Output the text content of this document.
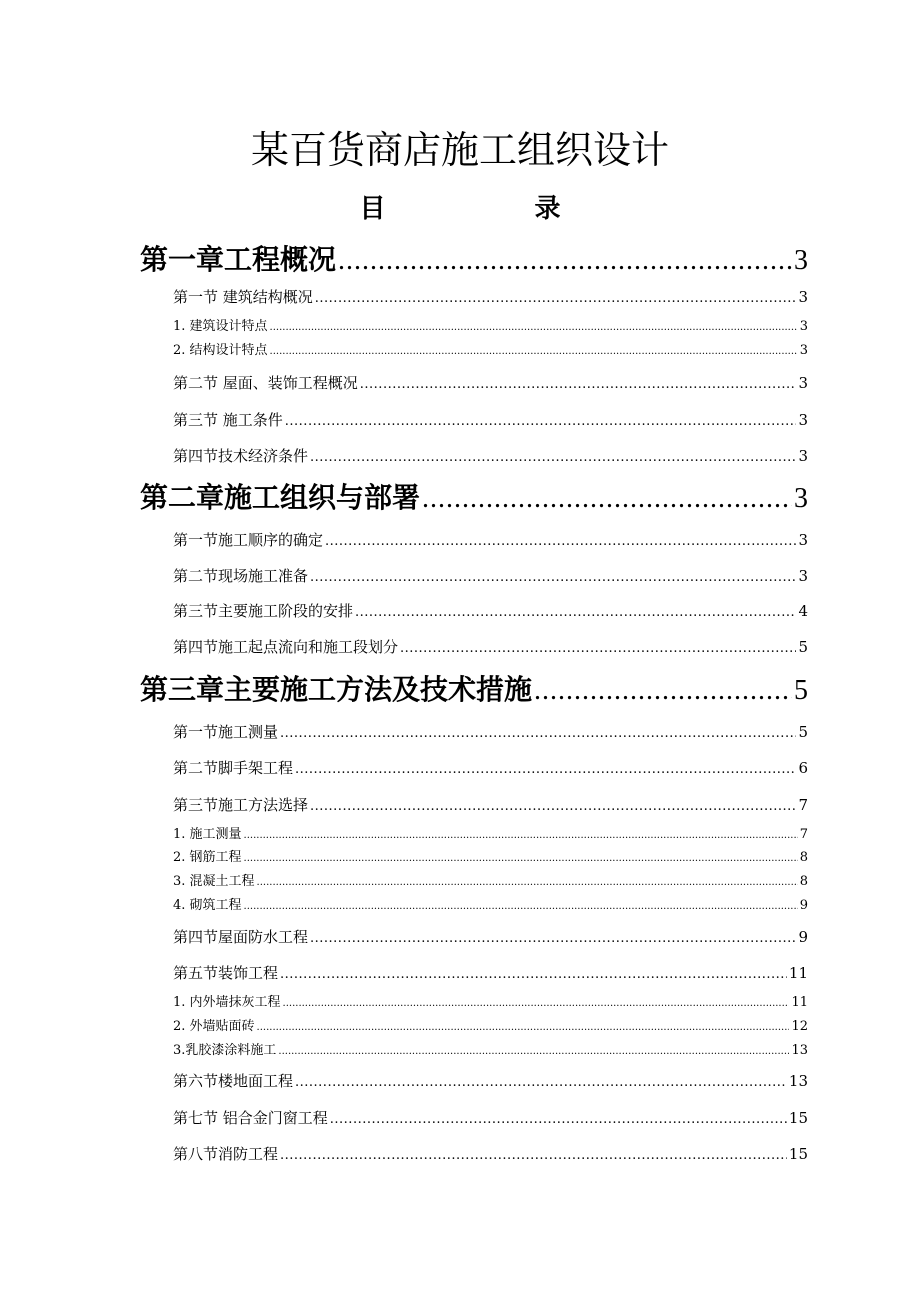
某百货商店施工组织设计
目	录
第一章工程概况 .....	3
第一节 建筑结构概况 .....	3
1. 建筑设计特点 .....	3
2. 结构设计特点 .....	3
第二节 屋面、装饰工程概况 .....	3
第三节 施工条件 .....	3
第四节技术经济条件 .....	3
第二章施工组织与部署 .....	3
第一节施工顺序的确定 .....	3
第二节现场施工准备 .....	3
第三节主要施工阶段的安排 .....	4
第四节施工起点流向和施工段划分 .....	5
第三章主要施工方法及技术措施 .....	5
第一节施工测量 .....	5
第二节脚手架工程 .....	6
第三节施工方法选择 .....	7
1. 施工测量 .....	7
2. 钢筋工程 .....	8
3. 混凝土工程 .....	8
4. 砌筑工程 .....	9
第四节屋面防水工程 .....	9
第五节装饰工程 .....	11
1. 内外墙抹灰工程 .....	11
2. 外墙贴面砖 .....	12
3.乳胶漆涂料施工 .....	13
第六节楼地面工程 .....	13
第七节 铝合金门窗工程 .....	15
第八节消防工程 .....	15
